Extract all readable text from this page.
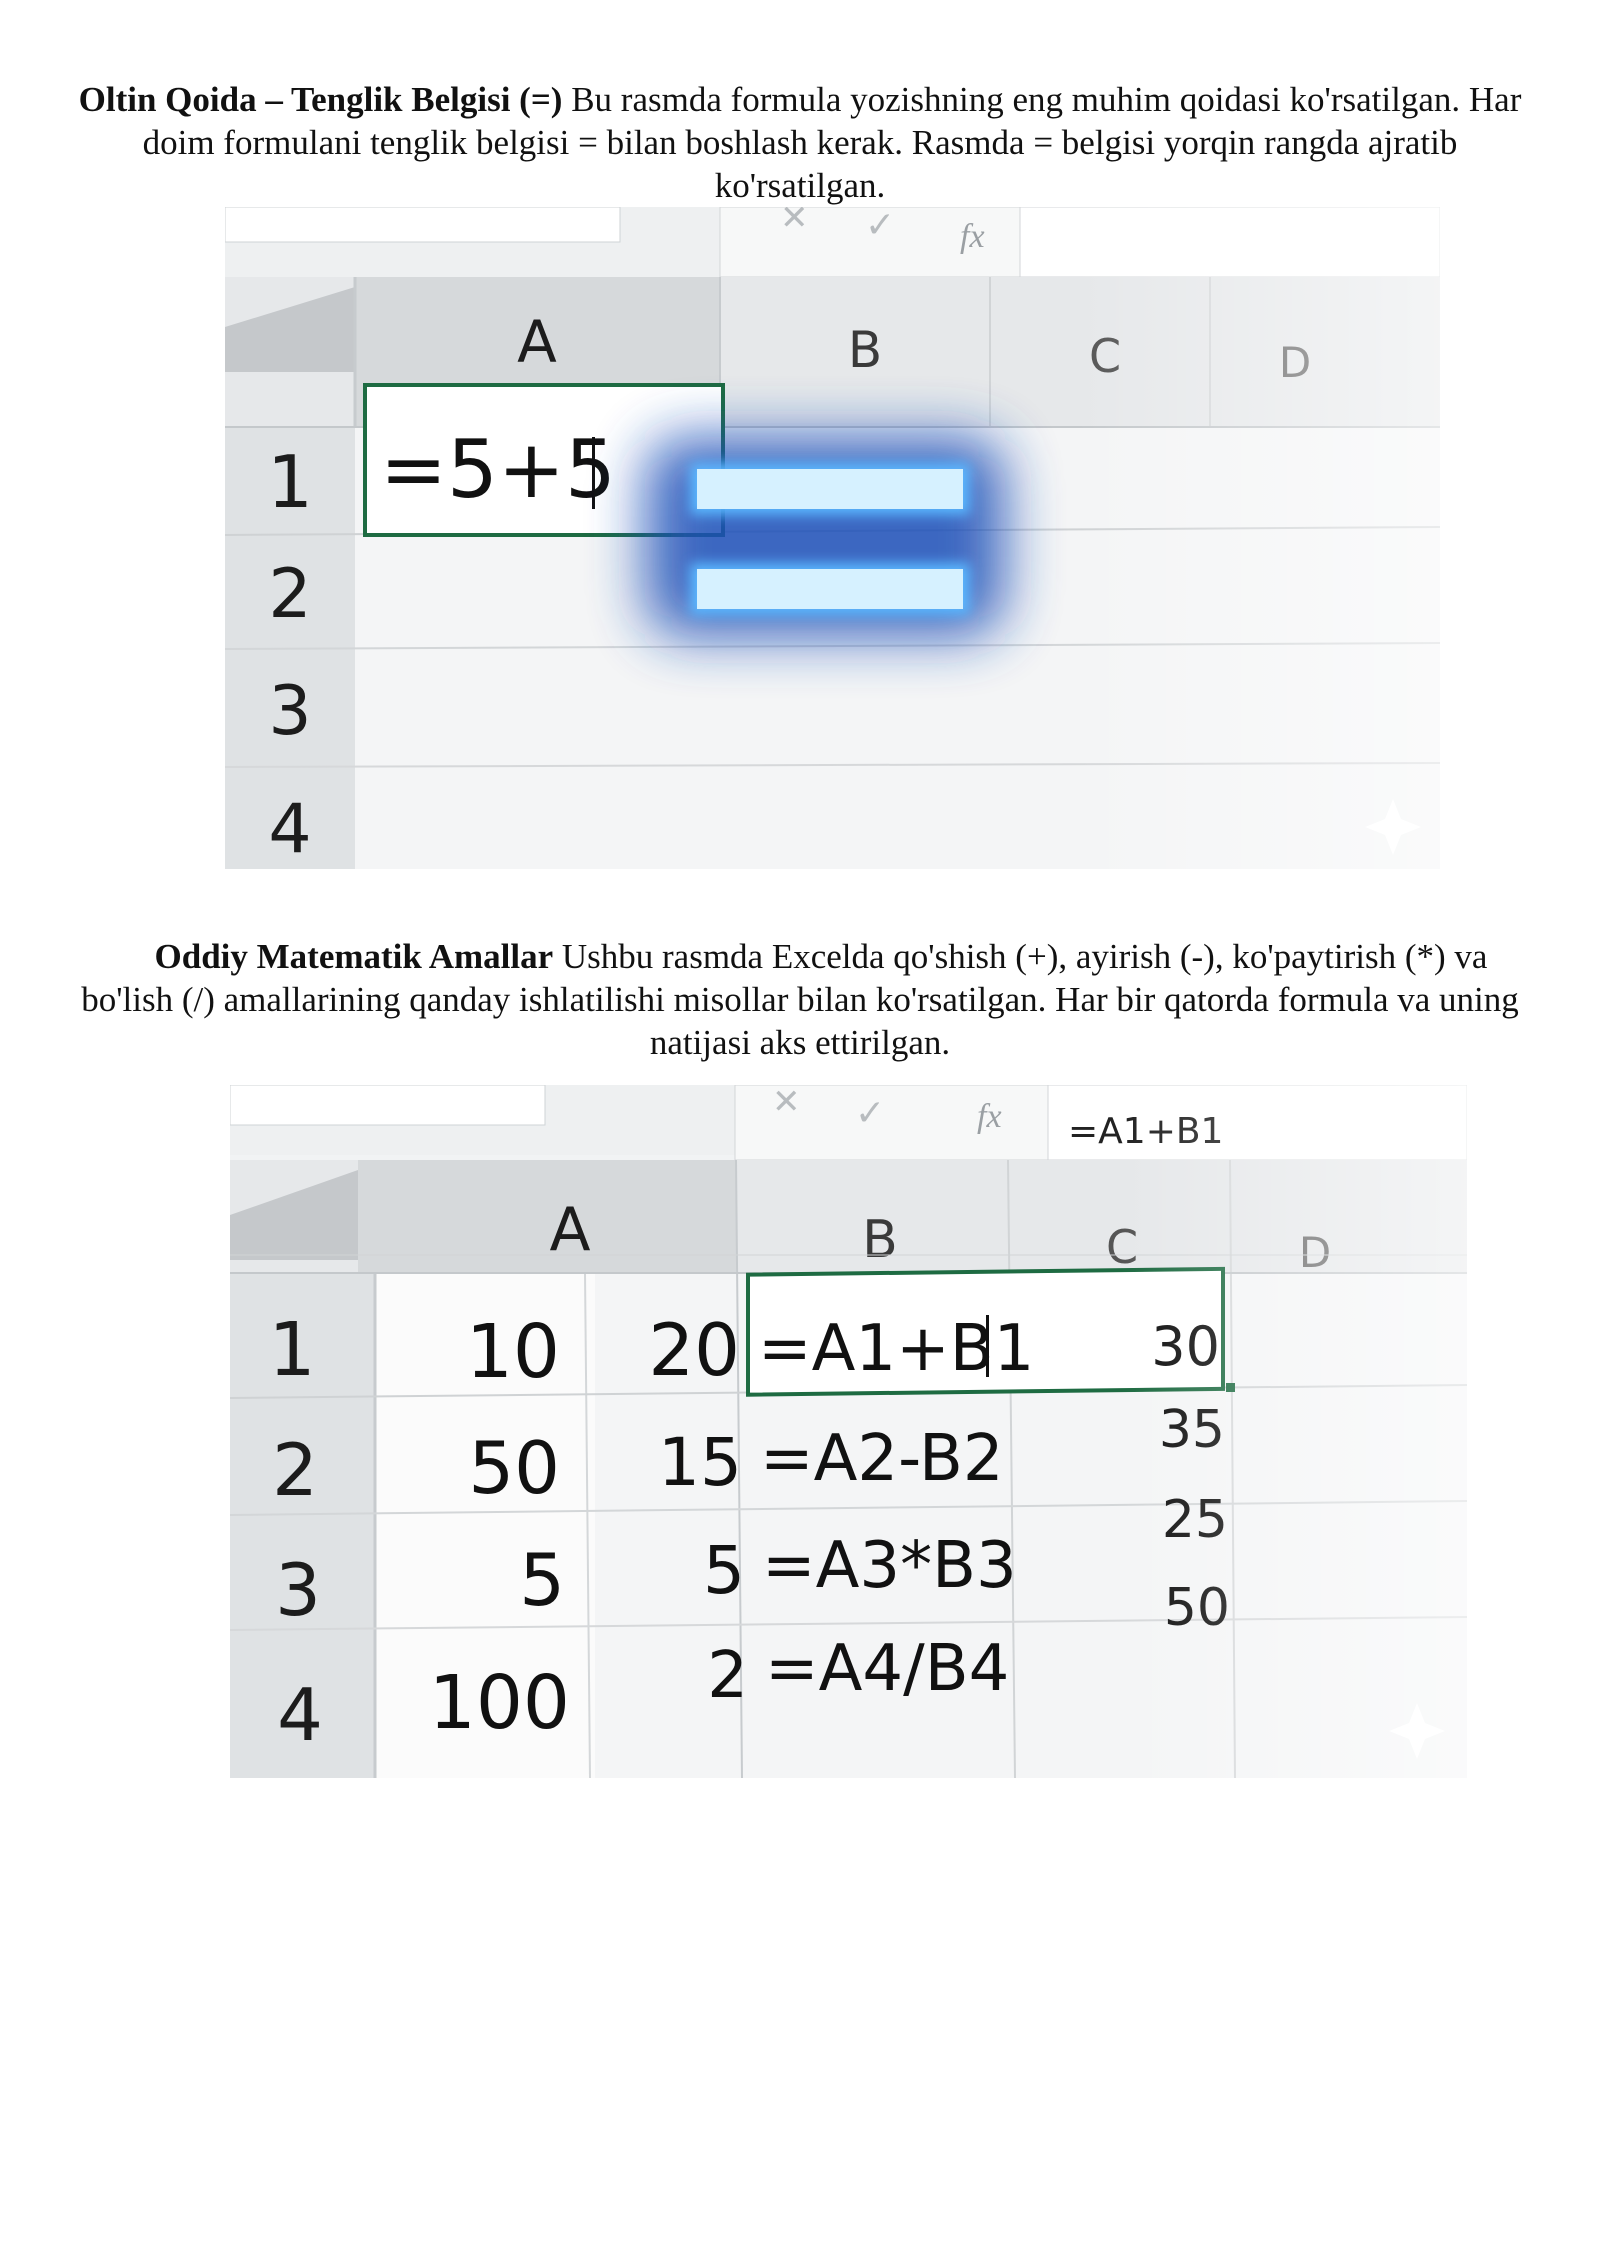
Oltin Qoida – Tenglik Belgisi (=) Bu rasmda formula yozishning eng muhim qoidasi ko'rsatilgan. Har doim formulani tenglik belgisi = bilan boshlash kerak. Rasmda = belgisi yorqin rangda ajratib ko'rsatilgan.
Oddiy Matematik Amallar Ushbu rasmda Excelda qo'shish (+), ayirish (-), ko'paytirish (*) va bo'lish (/) amallarining qanday ishlatilishi misollar bilan ko'rsatilgan. Har bir qatorda formula va uning natijasi aks ettirilgan.
